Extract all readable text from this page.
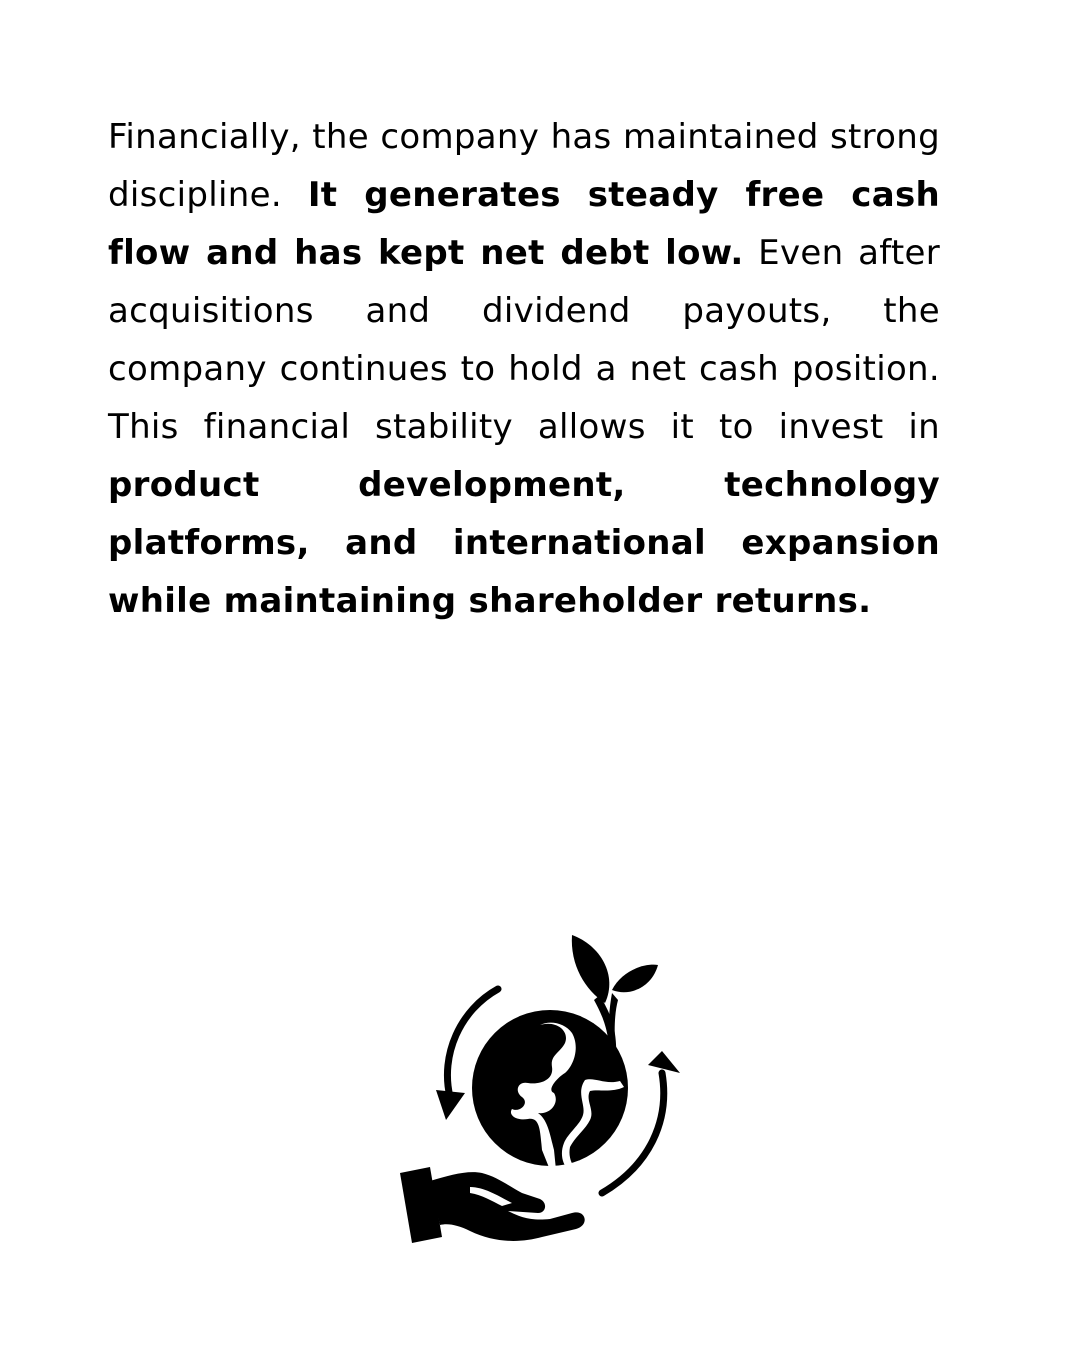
Financially, the company has maintained strong discipline. It generates steady free cash flow and has kept net debt low. Even after acquisitions and dividend payouts, the company continues to hold a net cash position. This financial stability allows it to invest in product development, technology platforms, and international expansion while maintaining shareholder returns.
